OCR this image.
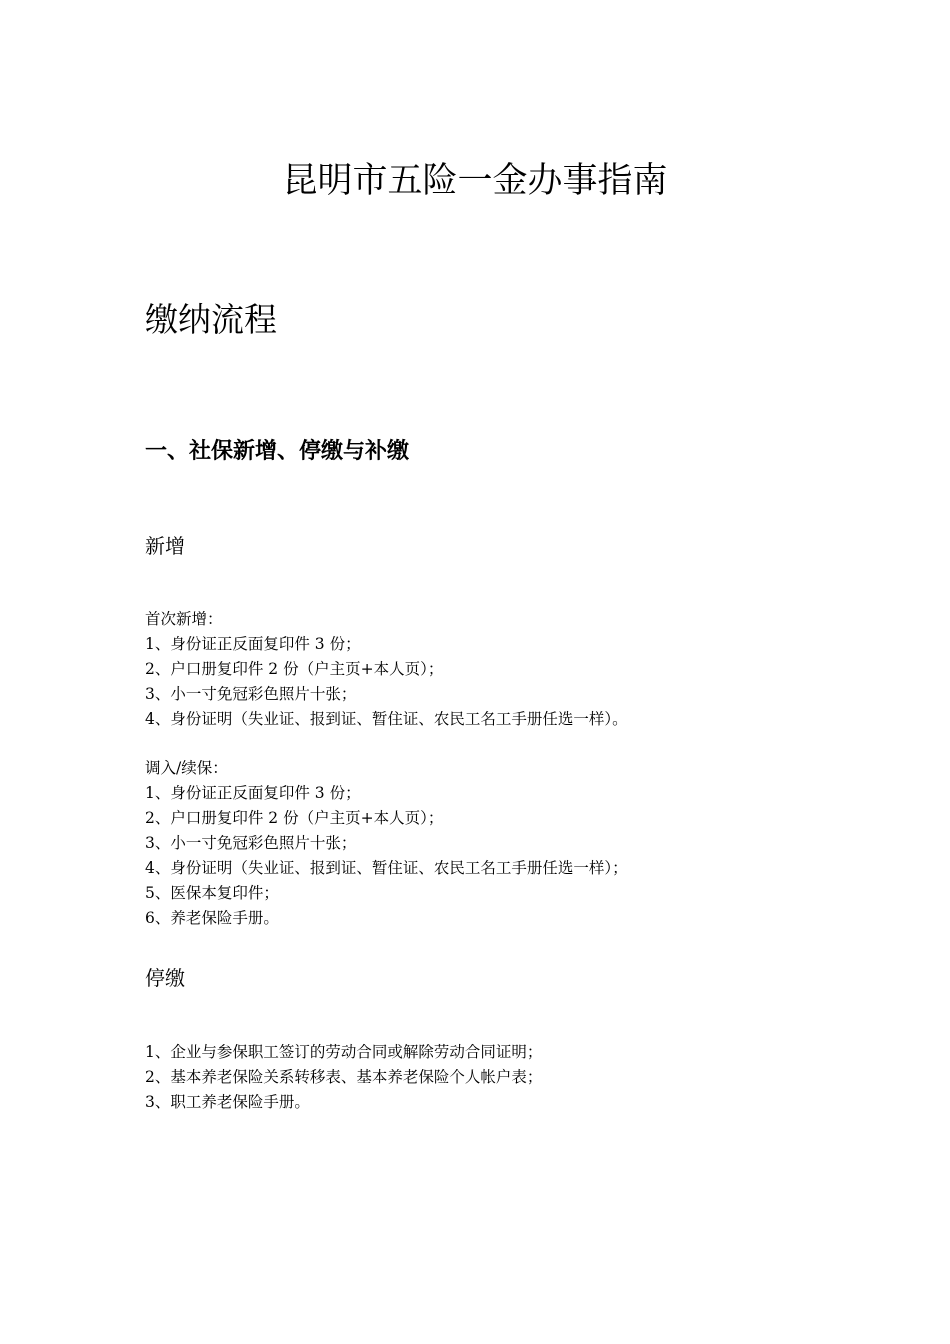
昆明市五险一金办事指南
缴纳流程
一、社保新增、停缴与补缴
新增
首次新增：
1、身份证正反面复印件 3 份；
2、户口册复印件 2 份（户主页+本人页）；
3、小一寸免冠彩色照片十张；
4、身份证明（失业证、报到证、暂住证、农民工名工手册任选一样）。
调入/续保：
1、身份证正反面复印件 3 份；
2、户口册复印件 2 份（户主页+本人页）；
3、小一寸免冠彩色照片十张；
4、身份证明（失业证、报到证、暂住证、农民工名工手册任选一样）；
5、医保本复印件；
6、养老保险手册。
停缴
1、企业与参保职工签订的劳动合同或解除劳动合同证明；
2、基本养老保险关系转移表、基本养老保险个人帐户表；
3、职工养老保险手册。
